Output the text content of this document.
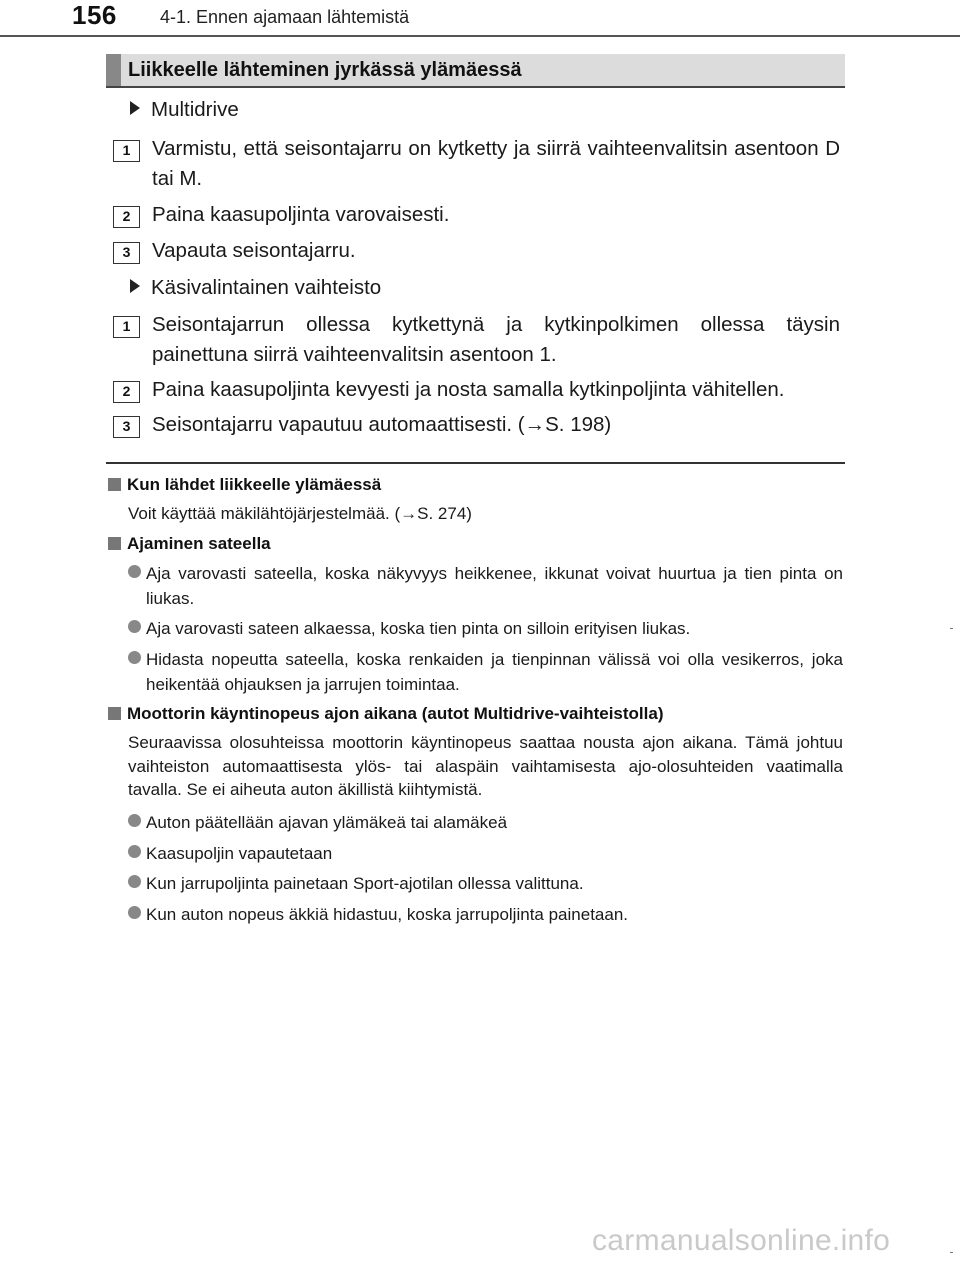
156 4-1. Ennen ajamaan lähtemistä
Liikkeelle lähteminen jyrkässä ylämäessä
Multidrive
1	Varmistu, että seisontajarru on kytketty ja siirrä vaihteenvalitsin asentoon D tai M.
2	Paina kaasupoljinta varovaisesti.
3	Vapauta seisontajarru.
Käsivalintainen vaihteisto
1	Seisontajarrun ollessa kytkettynä ja kytkinpolkimen ollessa täysin painettuna siirrä vaihteenvalitsin asentoon 1.
2	Paina kaasupoljinta kevyesti ja nosta samalla kytkinpoljinta vähitellen.
3	Seisontajarru vapautuu automaattisesti. (→S. 198)
Kun lähdet liikkeelle ylämäessä
Voit käyttää mäkilähtöjärjestelmää. (→S. 274)
Ajaminen sateella
Aja varovasti sateella, koska näkyvyys heikkenee, ikkunat voivat huurtua ja tien pinta on liukas.
Aja varovasti sateen alkaessa, koska tien pinta on silloin erityisen liukas.
Hidasta nopeutta sateella, koska renkaiden ja tienpinnan välissä voi olla vesikerros, joka heikentää ohjauksen ja jarrujen toimintaa.
Moottorin käyntinopeus ajon aikana (autot Multidrive-vaihteistolla)
Seuraavissa olosuhteissa moottorin käyntinopeus saattaa nousta ajon aikana. Tämä johtuu vaihteiston automaattisesta ylös- tai alaspäin vaihtamisesta ajo-olosuhteiden vaatimalla tavalla. Se ei aiheuta auton äkillistä kiihtymistä.
Auton päätellään ajavan ylämäkeä tai alamäkeä
Kaasupoljin vapautetaan
Kun jarrupoljinta painetaan Sport-ajotilan ollessa valittuna.
Kun auton nopeus äkkiä hidastuu, koska jarrupoljinta painetaan.
carmanualsonline.info
